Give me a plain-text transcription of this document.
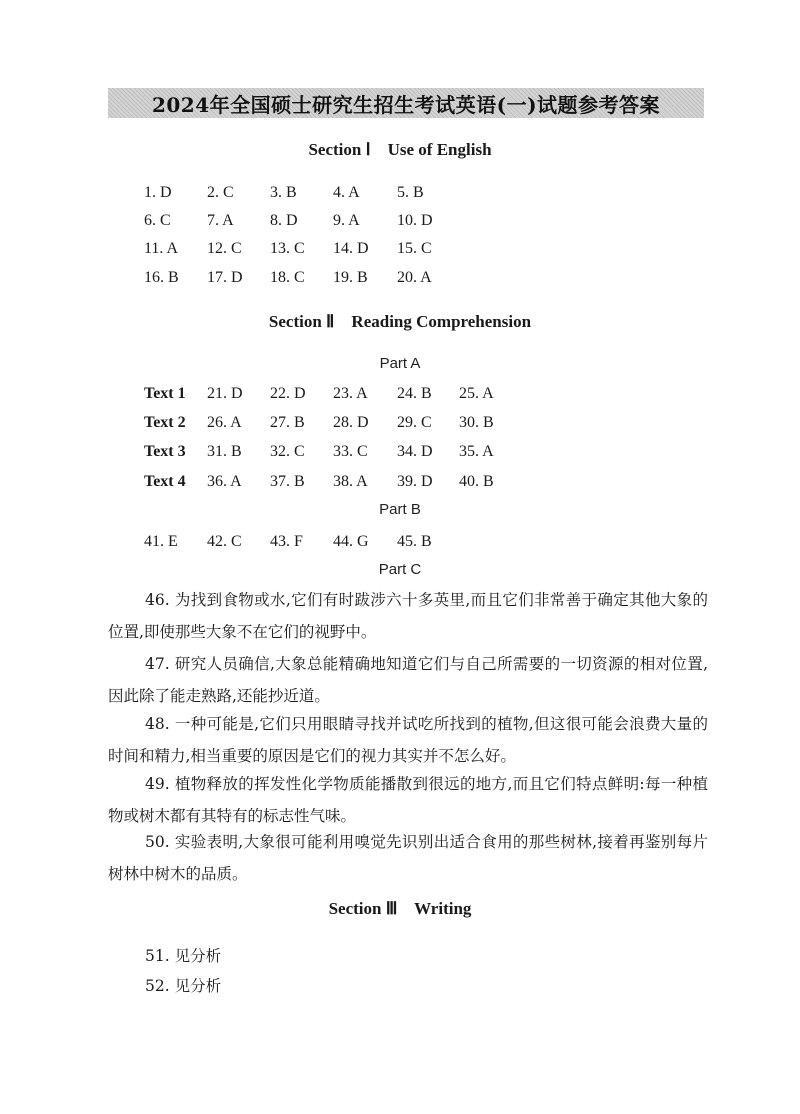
2024年全国硕士研究生招生考试英语(一)试题参考答案
Section Ⅰ    Use of English
1. D 2. C 3. B 4. A 5. B
6. C 7. A 8. D 9. A 10. D
11. A 12. C 13. C 14. D 15. C
16. B 17. D 18. C 19. B 20. A
Section Ⅱ    Reading Comprehension
Part A
Text 1 21. D 22. D 23. A 24. B 25. A
Text 2 26. A 27. B 28. D 29. C 30. B
Text 3 31. B 32. C 33. C 34. D 35. A
Text 4 36. A 37. B 38. A 39. D 40. B
Part B
41. E 42. C 43. F 44. G 45. B
Part C

46. 为找到食物或水,它们有时跋涉六十多英里,而且它们非常善于确定其他大象的位置,即使那些大象不在它们的视野中。

47. 研究人员确信,大象总能精确地知道它们与自己所需要的一切资源的相对位置,因此除了能走熟路,还能抄近道。

48. 一种可能是,它们只用眼睛寻找并试吃所找到的植物,但这很可能会浪费大量的时间和精力,相当重要的原因是它们的视力其实并不怎么好。

49. 植物释放的挥发性化学物质能播散到很远的地方,而且它们特点鲜明:每一种植物或树木都有其特有的标志性气味。

50. 实验表明,大象很可能利用嗅觉先识别出适合食用的那些树林,接着再鉴别每片树林中树木的品质。

Section Ⅲ    Writing
51. 见分析
52. 见分析
